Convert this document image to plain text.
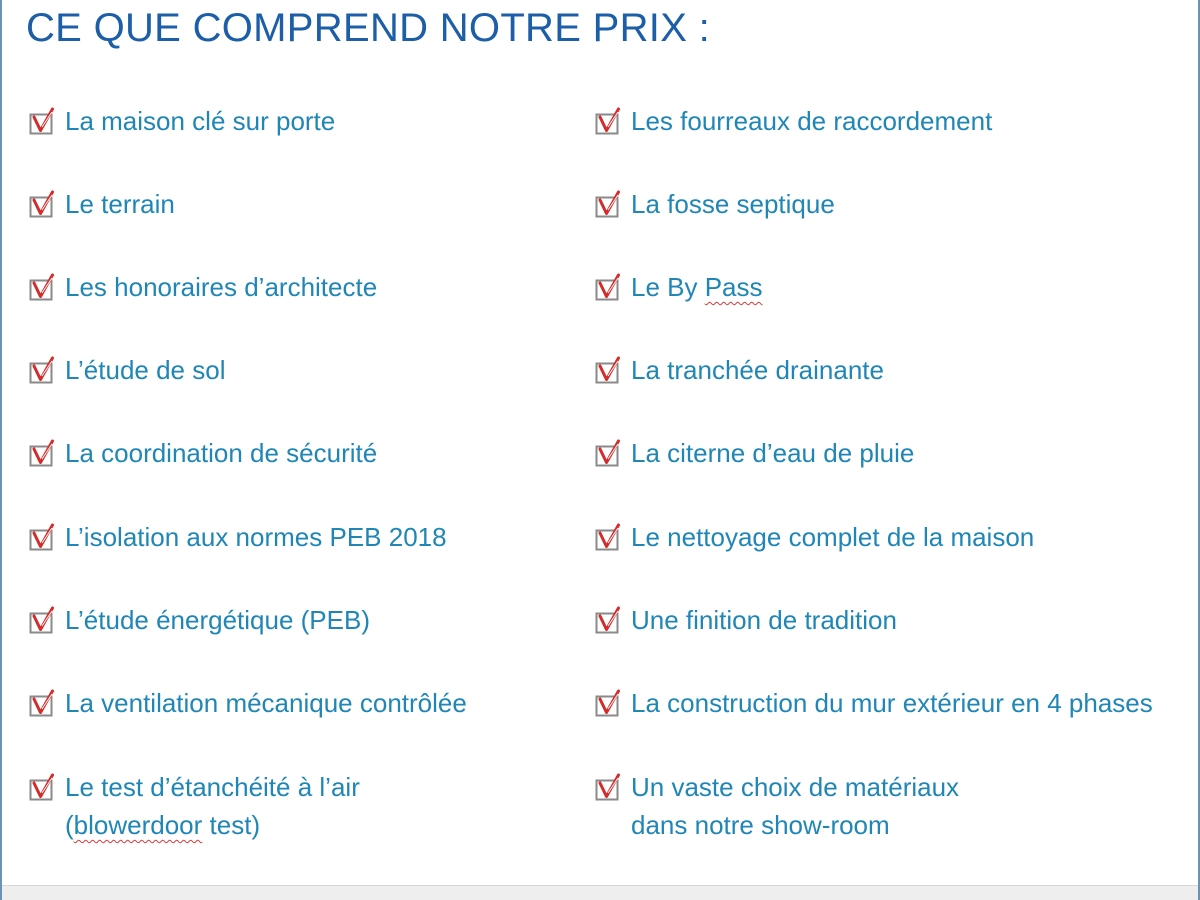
CE QUE COMPREND NOTRE PRIX :
La maison clé sur porte
Le terrain
Les honoraires d’architecte
L’étude de sol
La coordination de sécurité
L’isolation aux normes PEB 2018
L’étude énergétique (PEB)
La ventilation mécanique contrôlée
Le test d’étanchéité à l’air
(blowerdoor test)
Les fourreaux de raccordement
La fosse septique
Le By Pass
La tranchée drainante
La citerne d’eau de pluie
Le nettoyage complet de la maison
Une finition de tradition
La construction du mur extérieur en 4 phases
Un vaste choix de matériaux
dans notre show-room
